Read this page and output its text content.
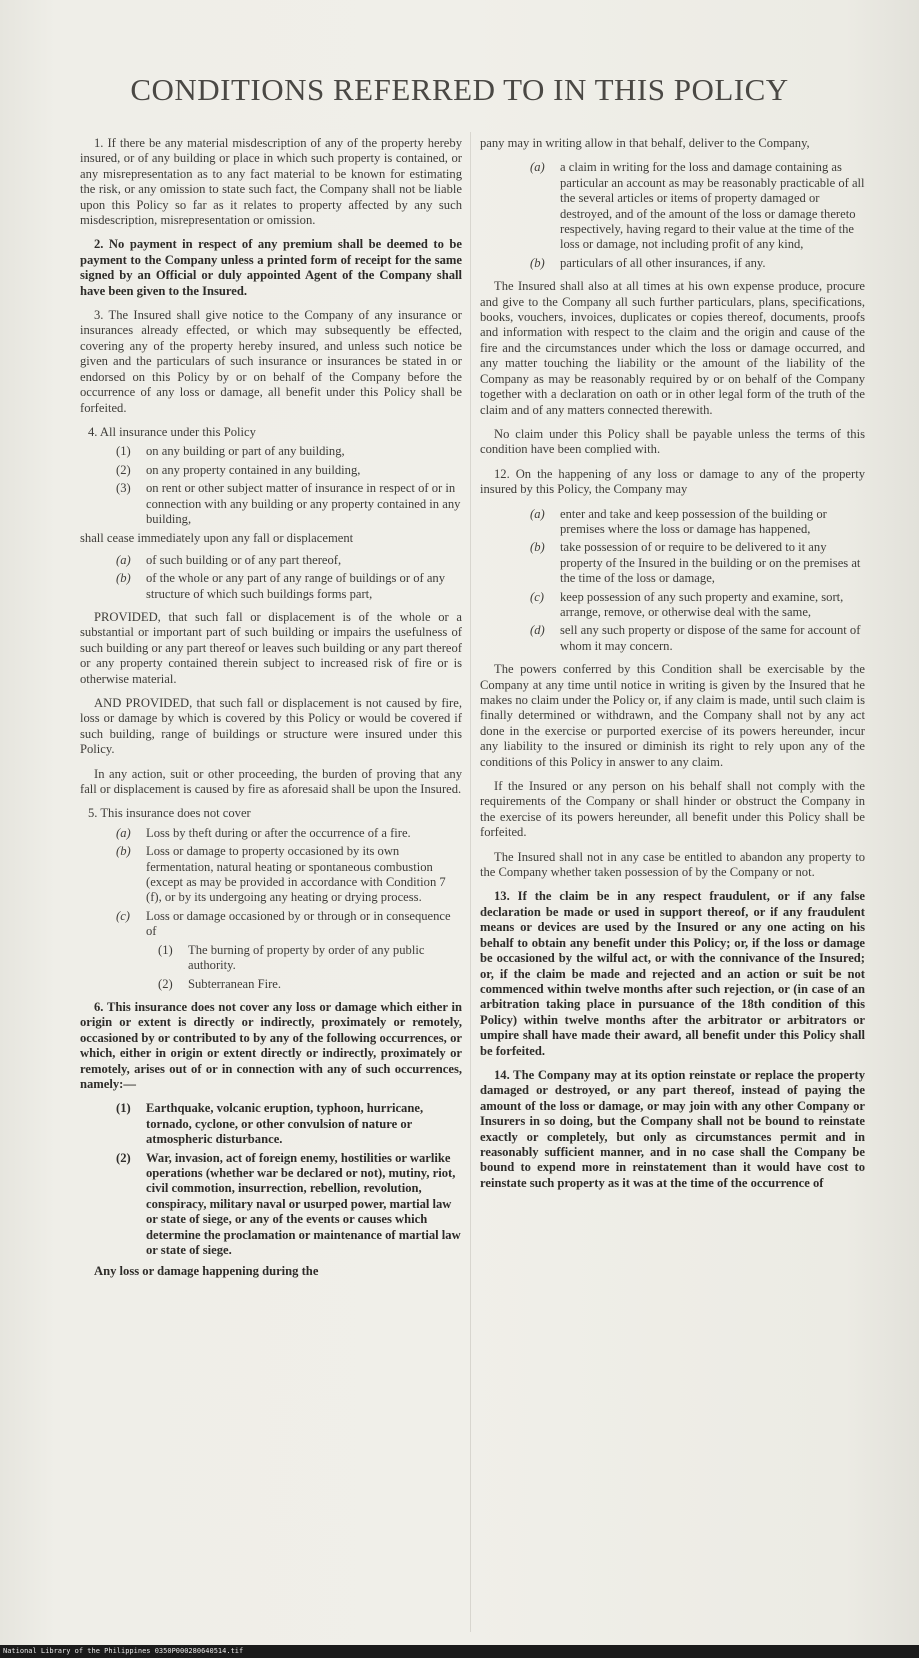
CONDITIONS REFERRED TO IN THIS POLICY

1. If there be any material misdescription of any of the property hereby insured, or of any building or place in which such property is contained, or any misrepresentation as to any fact material to be known for estimating the risk, or any omission to state such fact, the Company shall not be liable upon this Policy so far as it relates to property affected by any such misdescription, misrepresentation or omission.

2. No payment in respect of any premium shall be deemed to be payment to the Company unless a printed form of receipt for the same signed by an Official or duly appointed Agent of the Company shall have been given to the Insured.

3. The Insured shall give notice to the Company of any insurance or insurances already effected, or which may subsequently be effected, covering any of the property hereby insured, and unless such notice be given and the particulars of such insurance or insurances be stated in or endorsed on this Policy by or on behalf of the Company before the occurrence of any loss or damage, all benefit under this Policy shall be forfeited.

4. All insurance under this Policy

(1)	on any building or part of any building,
(2)	on any property contained in any building,
(3)	on rent or other subject matter of insurance in respect of or in connection with any building or any property contained in any building,

shall cease immediately upon any fall or displacement

(a)	of such building or of any part thereof,
(b)	of the whole or any part of any range of buildings or of any structure of which such buildings forms part,

PROVIDED, that such fall or displacement is of the whole or a substantial or important part of such building or impairs the usefulness of such building or any part thereof or leaves such building or any part thereof or any property contained therein subject to increased risk of fire or is otherwise material.

AND PROVIDED, that such fall or displacement is not caused by fire, loss or damage by which is covered by this Policy or would be covered if such building, range of buildings or structure were insured under this Policy.

In any action, suit or other proceeding, the burden of proving that any fall or displacement is caused by fire as aforesaid shall be upon the Insured.

5. This insurance does not cover

(a)	Loss by theft during or after the occurrence of a fire.
(b)	Loss or damage to property occasioned by its own fermentation, natural heating or spontaneous combustion (except as may be provided in accordance with Condition 7 (f), or by its undergoing any heating or drying process.
(c)	Loss or damage occasioned by or through or in consequence of
(1)	The burning of property by order of any public authority.
(2)	Subterranean Fire.

6. This insurance does not cover any loss or damage which either in origin or extent is directly or indirectly, proximately or remotely, occasioned by or contributed to by any of the following occurrences, or which, either in origin or extent directly or indirectly, proximately or remotely, arises out of or in connection with any of such occurrences, namely:—

(1)	Earthquake, volcanic eruption, typhoon, hurricane, tornado, cyclone, or other convulsion of nature or atmospheric disturbance.
(2)	War, invasion, act of foreign enemy, hostilities or warlike operations (whether war be declared or not), mutiny, riot, civil commotion, insurrection, rebellion, revolution, conspiracy, military naval or usurped power, martial law or state of siege, or any of the events or causes which determine the proclamation or maintenance of martial law or state of siege.

Any loss or damage happening during the

pany may in writing allow in that behalf, deliver to the Company,

(a)	a claim in writing for the loss and damage containing as particular an account as may be reasonably practicable of all the several articles or items of property damaged or destroyed, and of the amount of the loss or damage thereto respectively, having regard to their value at the time of the loss or damage, not including profit of any kind,
(b)	particulars of all other insurances, if any.

The Insured shall also at all times at his own expense produce, procure and give to the Company all such further particulars, plans, specifications, books, vouchers, invoices, duplicates or copies thereof, documents, proofs and information with respect to the claim and the origin and cause of the fire and the circumstances under which the loss or damage occurred, and any matter touching the liability or the amount of the liability of the Company as may be reasonably required by or on behalf of the Company together with a declaration on oath or in other legal form of the truth of the claim and of any matters connected therewith.

No claim under this Policy shall be payable unless the terms of this condition have been complied with.

12. On the happening of any loss or damage to any of the property insured by this Policy, the Company may

(a)	enter and take and keep possession of the building or premises where the loss or damage has happened,
(b)	take possession of or require to be delivered to it any property of the Insured in the building or on the premises at the time of the loss or damage,
(c)	keep possession of any such property and examine, sort, arrange, remove, or otherwise deal with the same,
(d)	sell any such property or dispose of the same for account of whom it may concern.

The powers conferred by this Condition shall be exercisable by the Company at any time until notice in writing is given by the Insured that he makes no claim under the Policy or, if any claim is made, until such claim is finally determined or withdrawn, and the Company shall not by any act done in the exercise or purported exercise of its powers hereunder, incur any liability to the insured or diminish its right to rely upon any of the conditions of this Policy in answer to any claim.

If the Insured or any person on his behalf shall not comply with the requirements of the Company or shall hinder or obstruct the Company in the exercise of its powers hereunder, all benefit under this Policy shall be forfeited.

The Insured shall not in any case be entitled to abandon any property to the Company whether taken possession of by the Company or not.

13. If the claim be in any respect fraudulent, or if any false declaration be made or used in support thereof, or if any fraudulent means or devices are used by the Insured or any one acting on his behalf to obtain any benefit under this Policy; or, if the loss or damage be occasioned by the wilful act, or with the connivance of the Insured; or, if the claim be made and rejected and an action or suit be not commenced within twelve months after such rejection, or (in case of an arbitration taking place in pursuance of the 18th condition of this Policy) within twelve months after the arbitrator or arbitrators or umpire shall have made their award, all benefit under this Policy shall be forfeited.

14. The Company may at its option reinstate or replace the property damaged or destroyed, or any part thereof, instead of paying the amount of the loss or damage, or may join with any other Company or Insurers in so doing, but the Company shall not be bound to reinstate exactly or completely, but only as circumstances permit and in reasonably sufficient manner, and in no case shall the Company be bound to expend more in reinstatement than it would have cost to reinstate such property as it was at the time of the occurrence of

National Library of the Philippines 0350P000280640514.tif
